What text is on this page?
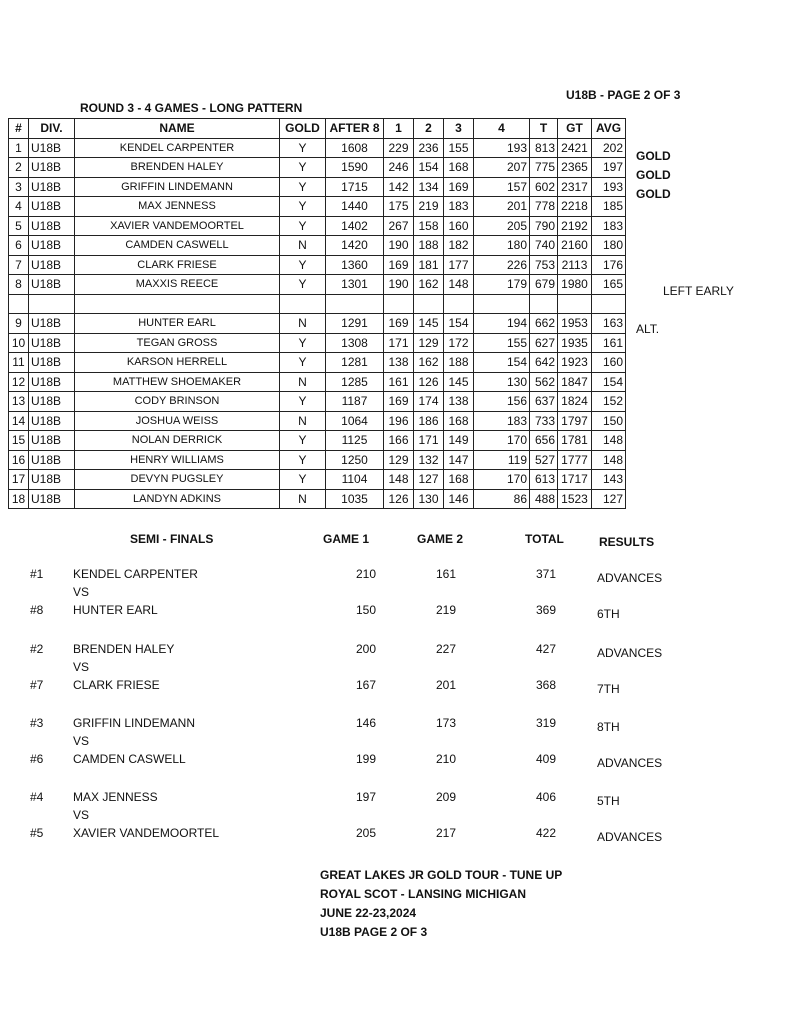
U18B - PAGE 2 OF 3
ROUND 3 - 4 GAMES - LONG PATTERN
#	DIV.	NAME	GOLD	AFTER 8	1	2	3	4	T	GT	AVG
1	U18B	KENDEL CARPENTER	Y	1608	229	236	155	193	813	2421	202
2	U18B	BRENDEN HALEY	Y	1590	246	154	168	207	775	2365	197
3	U18B	GRIFFIN LINDEMANN	Y	1715	142	134	169	157	602	2317	193
4	U18B	MAX JENNESS	Y	1440	175	219	183	201	778	2218	185
5	U18B	XAVIER VANDEMOORTEL	Y	1402	267	158	160	205	790	2192	183
6	U18B	CAMDEN CASWELL	N	1420	190	188	182	180	740	2160	180
7	U18B	CLARK FRIESE	Y	1360	169	181	177	226	753	2113	176
8	U18B	MAXXIS REECE	Y	1301	190	162	148	179	679	1980	165

9	U18B	HUNTER EARL	N	1291	169	145	154	194	662	1953	163
10	U18B	TEGAN GROSS	Y	1308	171	129	172	155	627	1935	161
11	U18B	KARSON HERRELL	Y	1281	138	162	188	154	642	1923	160
12	U18B	MATTHEW SHOEMAKER	N	1285	161	126	145	130	562	1847	154
13	U18B	CODY BRINSON	Y	1187	169	174	138	156	637	1824	152
14	U18B	JOSHUA WEISS	N	1064	196	186	168	183	733	1797	150
15	U18B	NOLAN DERRICK	Y	1125	166	171	149	170	656	1781	148
16	U18B	HENRY WILLIAMS	Y	1250	129	132	147	119	527	1777	148
17	U18B	DEVYN PUGSLEY	Y	1104	148	127	168	170	613	1717	143
18	U18B	LANDYN ADKINS	N	1035	126	130	146	86	488	1523	127
GOLD
GOLD
GOLD
LEFT EARLY
ALT.
SEMI - FINALS	GAME 1	GAME 2	TOTAL	RESULTS
#1 KENDEL CARPENTER	210	161	371	ADVANCES
#8 HUNTER EARL	150	219	369	6TH
VS
#2 BRENDEN HALEY	200	227	427	ADVANCES
#7 CLARK FRIESE	167	201	368	7TH
VS
#3 GRIFFIN LINDEMANN	146	173	319	8TH
#6 CAMDEN CASWELL	199	210	409	ADVANCES
VS
#4 MAX JENNESS	197	209	406	5TH
#5 XAVIER VANDEMOORTEL	205	217	422	ADVANCES
VS
GREAT LAKES JR GOLD TOUR - TUNE UP
ROYAL SCOT - LANSING MICHIGAN
JUNE 22-23,2024
U18B PAGE 2 OF 3
